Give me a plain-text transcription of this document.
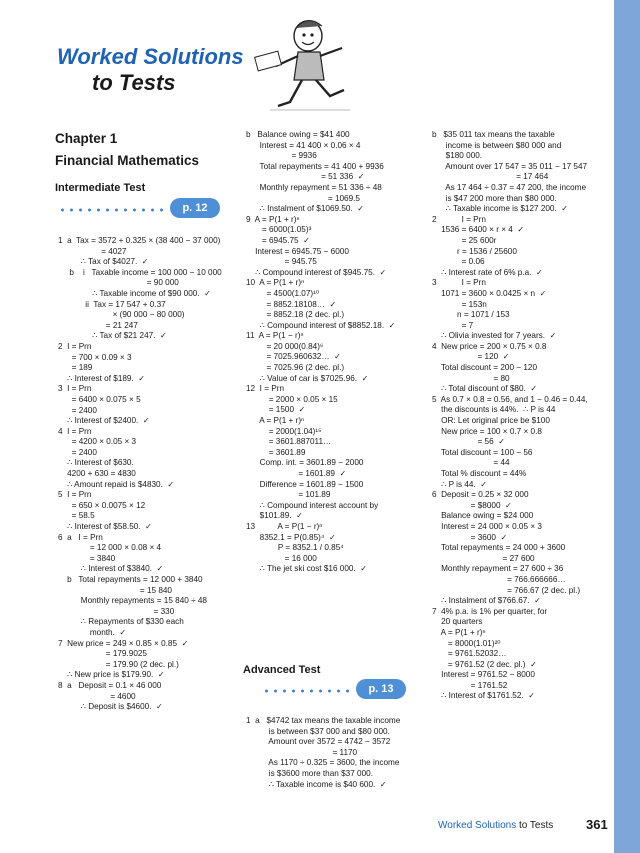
Worked Solutions
to Tests
Chapter 1
Financial Mathematics
Intermediate Test
p. 12
1  a  Tax = 3572 + 0.325 × (38 400 − 37 000)
= 4027
∴ Tax of $4027.  ✓
b    i   Taxable income = 100 000 − 10 000
= 90 000
∴ Taxable income of $90 000.  ✓
ii  Tax = 17 547 + 0.37
× (90 000 − 80 000)
= 21 247
∴ Tax of $21 247.  ✓
2  I = Prn
= 700 × 0.09 × 3
= 189
∴ Interest of $189.  ✓
3  I = Prn
= 6400 × 0.075 × 5
= 2400
∴ Interest of $2400.  ✓
4  I = Prn
= 4200 × 0.05 × 3
= 2400
∴ Interest of $630.
4200 + 630 = 4830
∴ Amount repaid is $4830.  ✓
5  I = Prn
= 650 × 0.0075 × 12
= 58.5
∴ Interest of $58.50.  ✓
6  a   I = Prn
= 12 000 × 0.08 × 4
= 3840
∴ Interest of $3840.  ✓
b   Total repayments = 12 000 + 3840
= 15 840
Monthly repayments = 15 840 ÷ 48
= 330
∴ Repayments of $330 each
month.  ✓
7  New price = 249 × 0.85 × 0.85  ✓
= 179.9025
= 179.90 (2 dec. pl.)
∴ New price is $179.90.  ✓
8  a   Deposit = 0.1 × 46 000
= 4600
∴ Deposit is $4600.  ✓
b   Balance owing = $41 400
Interest = 41 400 × 0.06 × 4
= 9936
Total repayments = 41 400 + 9936
= 51 336  ✓
Monthly repayment = 51 336 ÷ 48
= 1069.5
∴ Instalment of $1069.50.  ✓
9  A = P(1 + r)ⁿ
= 6000(1.05)³
= 6945.75  ✓
Interest = 6945.75 − 6000
= 945.75
∴ Compound interest of $945.75.  ✓
10  A = P(1 + r)ⁿ
= 4500(1.07)¹⁰
= 8852.18108…  ✓
= 8852.18 (2 dec. pl.)
∴ Compound interest of $8852.18.  ✓
11  A = P(1 − r)ⁿ
= 20 000(0.84)⁶
= 7025.960632…  ✓
= 7025.96 (2 dec. pl.)
∴ Value of car is $7025.96.  ✓
12  I = Prn
= 2000 × 0.05 × 15
= 1500  ✓
A = P(1 + r)ⁿ
= 2000(1.04)¹⁵
= 3601.887011…
= 3601.89
Comp. int. = 3601.89 − 2000
= 1601.89  ✓
Difference = 1601.89 − 1500
= 101.89
∴ Compound interest account by
$101.89.  ✓
13          A = P(1 − r)ⁿ
8352.1 = P(0.85)⁴  ✓
P = 8352.1 / 0.85⁴
= 16 000
∴ The jet ski cost $16 000.  ✓
Advanced Test
p. 13
1  a   $4742 tax means the taxable income
is between $37 000 and $80 000.
Amount over 3572 = 4742 − 3572
= 1170
As 1170 ÷ 0.325 = 3600, the income
is $3600 more than $37 000.
∴ Taxable income is $40 600.  ✓
b   $35 011 tax means the taxable
income is between $80 000 and
$180 000.
Amount over 17 547 = 35 011 − 17 547
= 17 464
As 17 464 ÷ 0.37 = 47 200, the income
is $47 200 more than $80 000.
∴ Taxable income is $127 200.  ✓
2           I = Prn
1536 = 6400 × r × 4  ✓
= 25 600r
r = 1536 / 25600
= 0.06
∴ Interest rate of 6% p.a.  ✓
3           I = Prn
1071 = 3600 × 0.0425 × n  ✓
= 153n
n = 1071 / 153
= 7
∴ Olivia invested for 7 years.  ✓
4  New price = 200 × 0.75 × 0.8
= 120  ✓
Total discount = 200 − 120
= 80
∴ Total discount of $80.  ✓
5  As 0.7 × 0.8 = 0.56, and 1 − 0.46 = 0.44,
the discounts is 44%.  ∴ P is 44
OR: Let original price be $100
New price = 100 × 0.7 × 0.8
= 56  ✓
Total discount = 100 − 56
= 44
Total % discount = 44%
∴ P is 44.  ✓
6  Deposit = 0.25 × 32 000
= $8000  ✓
Balance owing = $24 000
Interest = 24 000 × 0.05 × 3
= 3600  ✓
Total repayments = 24 000 + 3600
= 27 600
Monthly repayment = 27 600 ÷ 36
= 766.666666…
= 766.67 (2 dec. pl.)
∴ Instalment of $766.67.  ✓
7  4% p.a. is 1% per quarter, for
20 quarters
A = P(1 + r)ⁿ
= 8000(1.01)²⁰
= 9761.52032…
= 9761.52 (2 dec. pl.)  ✓
Interest = 9761.52 − 8000
= 1761.52
∴ Interest of $1761.52.  ✓
Worked Solutions to Tests	361
